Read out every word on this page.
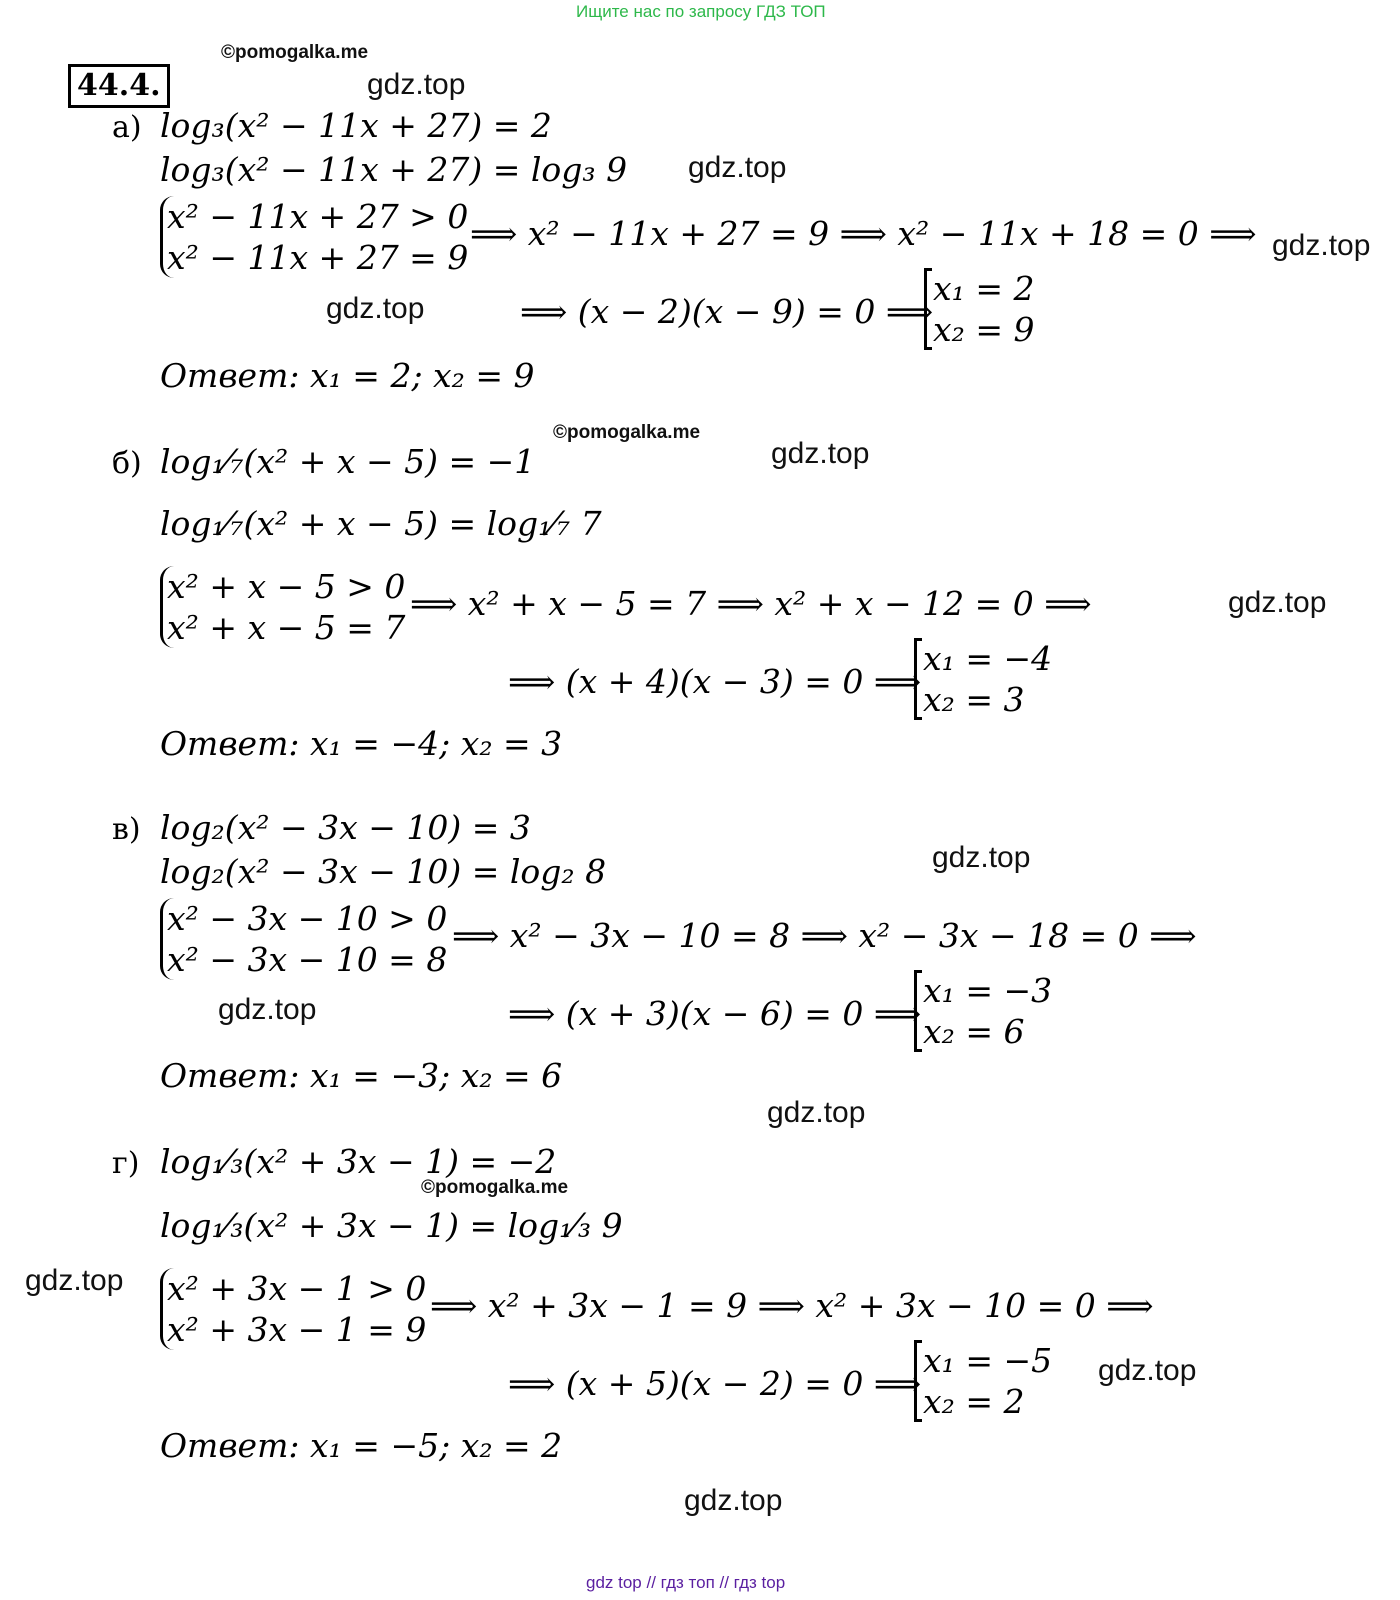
Ищите нас по запросу ГДЗ ТОП
44.4.
©pomogalka.me
gdz.top
а) log₃(x² − 11x + 27) = 2
log₃(x² − 11x + 27) = log₃ 9 gdz.top
x² − 11x + 27 > 0
x² − 11x + 27 = 9
⟹ x² − 11x + 27 = 9 ⟹ x² − 11x + 18 = 0 ⟹ gdz.top
gdz.top	⟹ (x − 2)(x − 9) = 0 ⟹
x₁ = 2
x₂ = 9
Ответ: x₁ = 2; x₂ = 9
©pomogalka.me
б) log₁⁄₇(x² + x − 5) = −1	gdz.top
log₁⁄₇(x² + x − 5) = log₁⁄₇ 7
x² + x − 5 > 0
x² + x − 5 = 7
⟹ x² + x − 5 = 7 ⟹ x² + x − 12 = 0 ⟹	gdz.top
⟹ (x + 4)(x − 3) = 0 ⟹
x₁ = −4
x₂ = 3
Ответ: x₁ = −4; x₂ = 3
в) log₂(x² − 3x − 10) = 3
gdz.top
log₂(x² − 3x − 10) = log₂ 8
x² − 3x − 10 > 0
x² − 3x − 10 = 8
⟹ x² − 3x − 10 = 8 ⟹ x² − 3x − 18 = 0 ⟹
gdz.top	⟹ (x + 3)(x − 6) = 0 ⟹
x₁ = −3
x₂ = 6
Ответ: x₁ = −3; x₂ = 6
gdz.top
г) log₁⁄₃(x² + 3x − 1) = −2
©pomogalka.me
log₁⁄₃(x² + 3x − 1) = log₁⁄₃ 9
gdz.top x² + 3x − 1 > 0
x² + 3x − 1 = 9
⟹ x² + 3x − 1 = 9 ⟹ x² + 3x − 10 = 0 ⟹
⟹ (x + 5)(x − 2) = 0 ⟹
x₁ = −5
x₂ = 2
gdz.top
Ответ: x₁ = −5; x₂ = 2
gdz.top
gdz top // гдз топ // гдз top
